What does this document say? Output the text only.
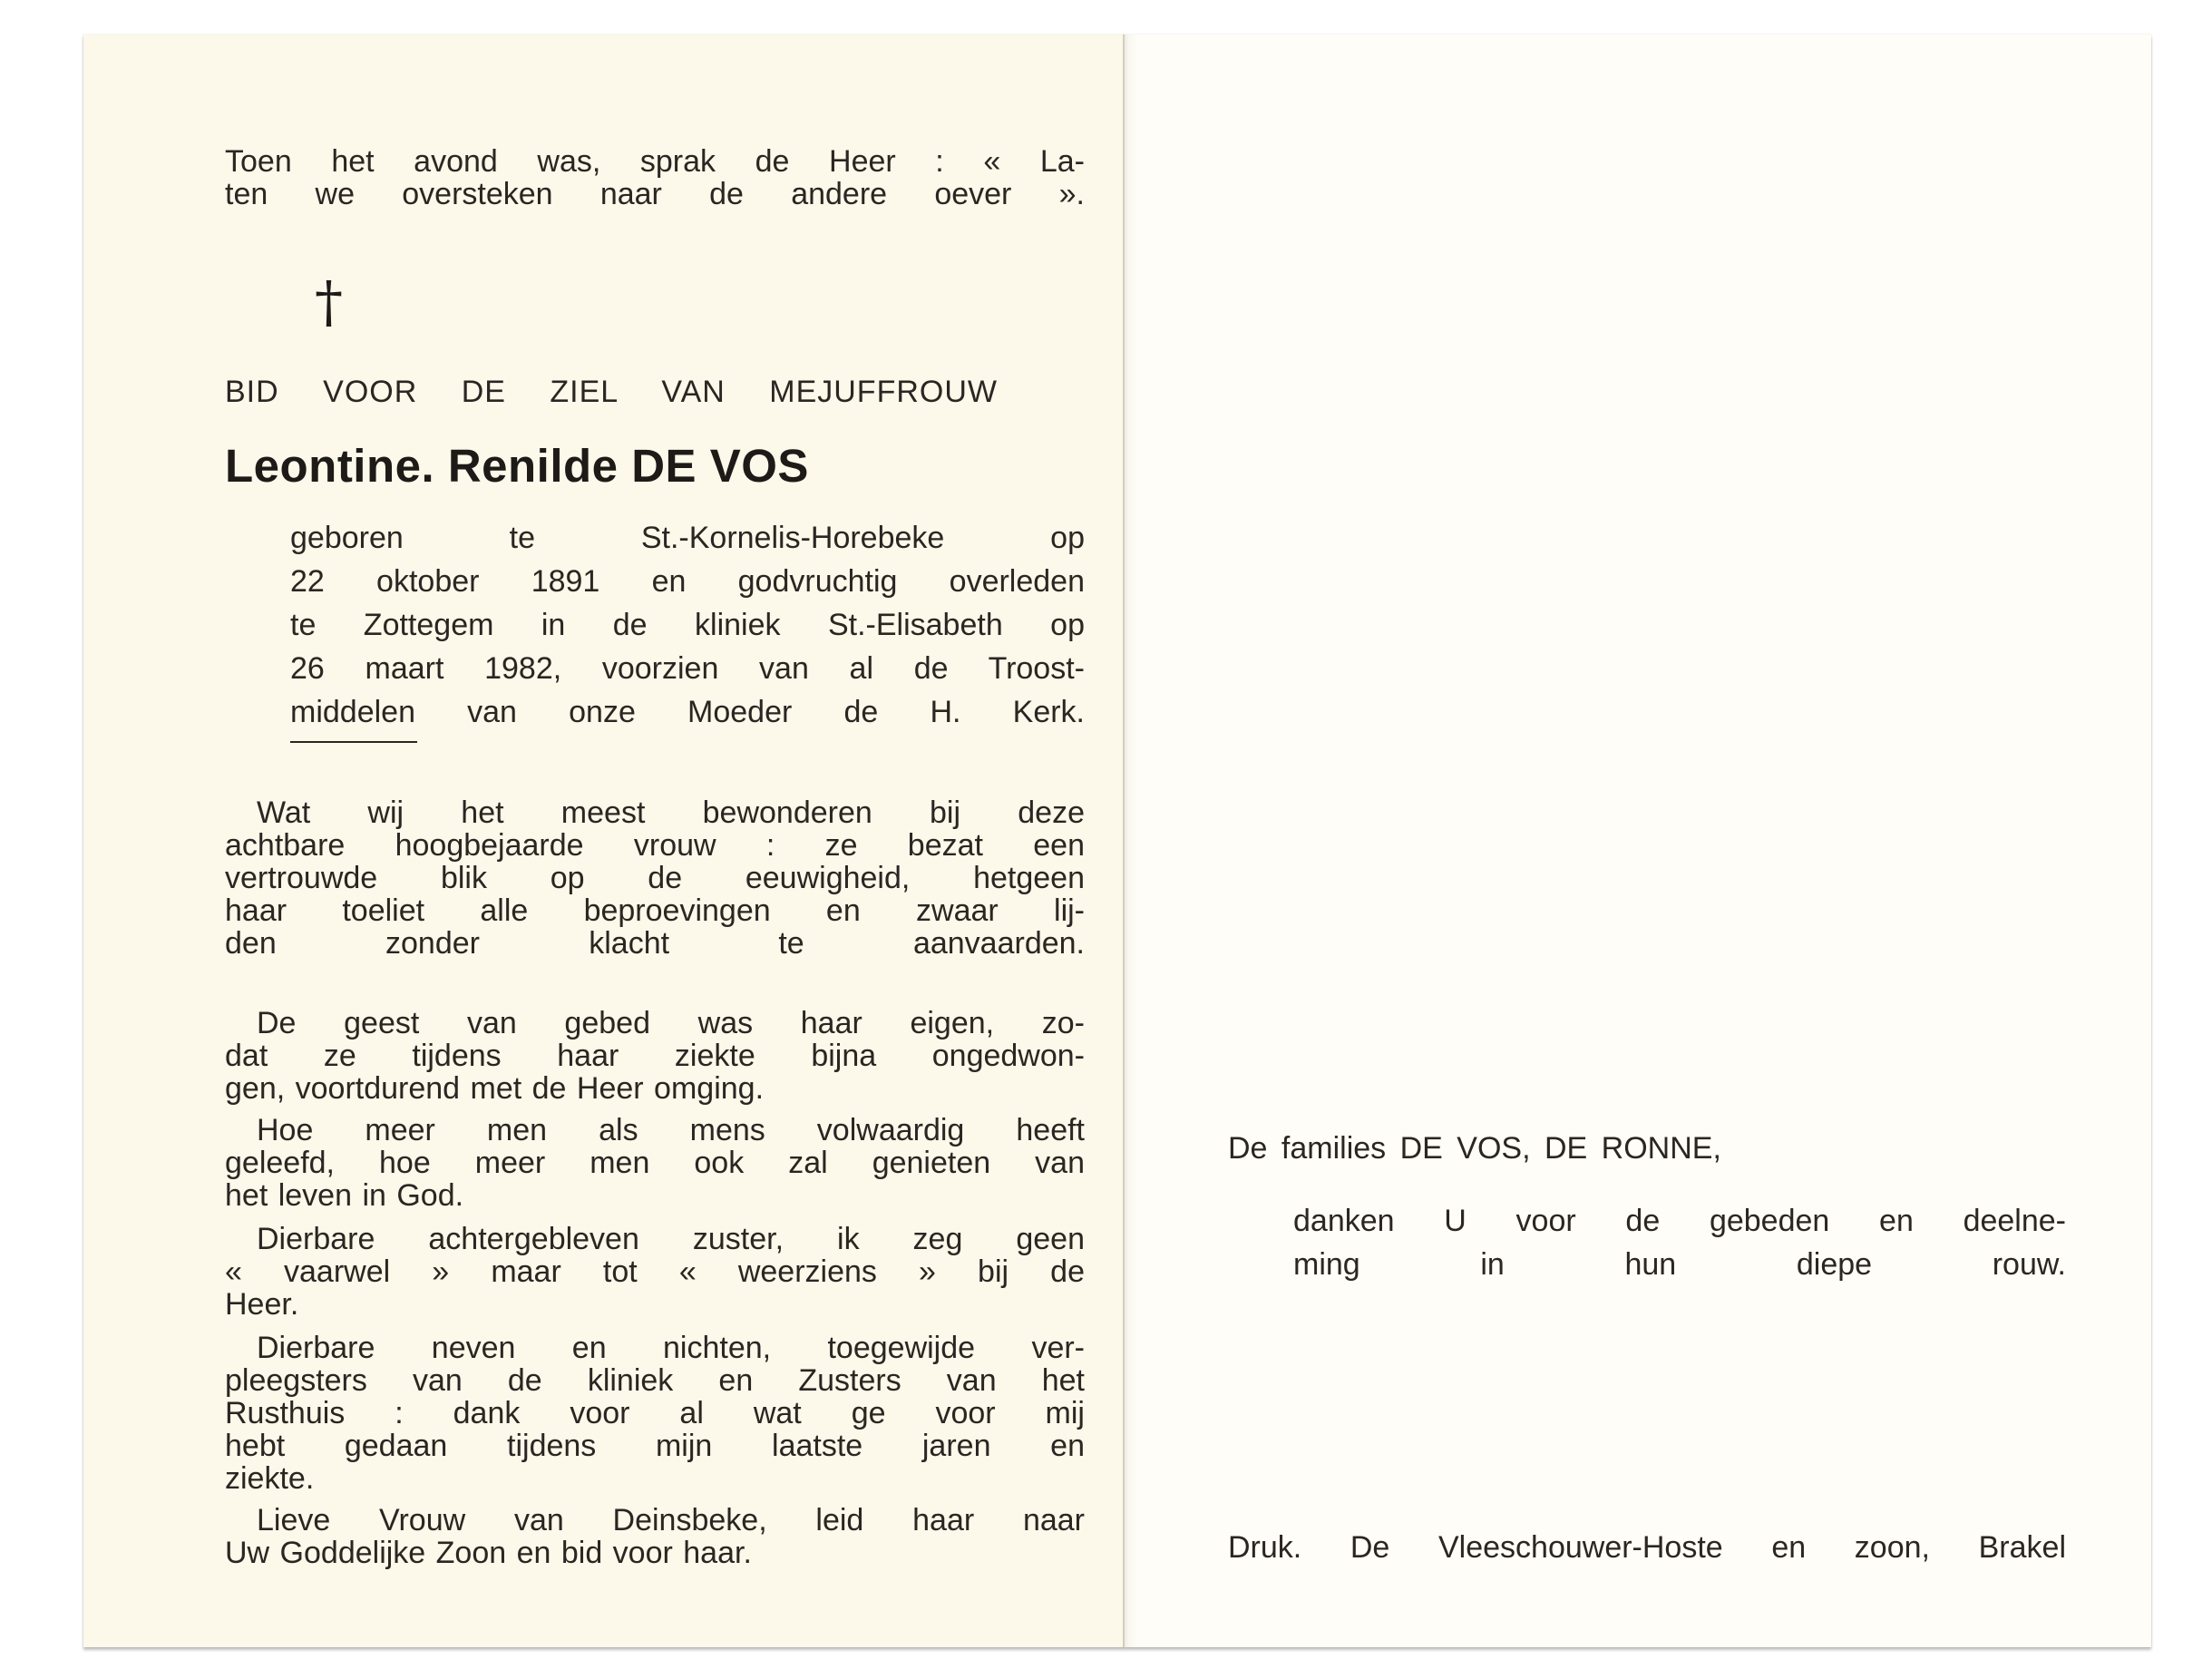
Toen het avond was, sprak de Heer : « La-
ten we oversteken naar de andere oever ».
†
BID VOOR DE ZIEL VAN MEJUFFROUW
Leontine. Renilde DE VOS
geboren te St.-Kornelis-Horebeke op
22 oktober 1891 en godvruchtig overleden
te Zottegem in de kliniek St.-Elisabeth op
26 maart 1982, voorzien van al de Troost-
middelen van onze Moeder de H. Kerk.
Wat wij het meest bewonderen bij deze
achtbare hoogbejaarde vrouw : ze bezat een
vertrouwde blik op de eeuwigheid, hetgeen
haar toeliet alle beproevingen en zwaar lij-
den zonder klacht te aanvaarden.
De geest van gebed was haar eigen, zo-
dat ze tijdens haar ziekte bijna ongedwon-
gen, voortdurend met de Heer omging.
Hoe meer men als mens volwaardig heeft
geleefd, hoe meer men ook zal genieten van
het leven in God.
Dierbare achtergebleven zuster, ik zeg geen
« vaarwel » maar tot « weerziens » bij de
Heer.
Dierbare neven en nichten, toegewijde ver-
pleegsters van de kliniek en Zusters van het
Rusthuis : dank voor al wat ge voor mij
hebt gedaan tijdens mijn laatste jaren en
ziekte.
Lieve Vrouw van Deinsbeke, leid haar naar
Uw Goddelijke Zoon en bid voor haar.
De families DE VOS, DE RONNE,
danken U voor de gebeden en deelne-
ming in hun diepe rouw.
Druk. De Vleeschouwer-Hoste en zoon, Brakel
